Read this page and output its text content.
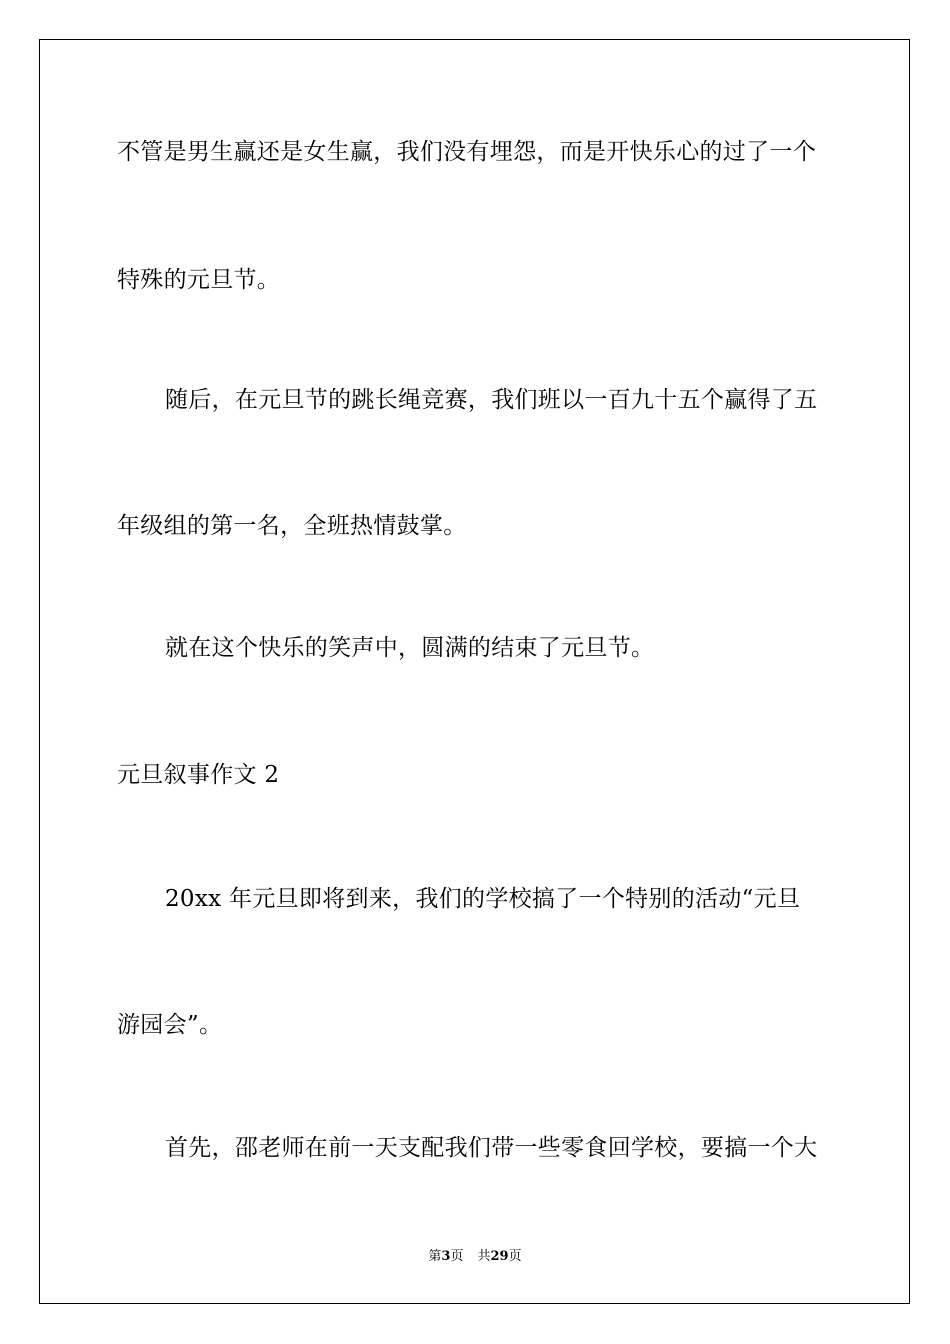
不管是男生赢还是女生赢，我们没有埋怨，而是开快乐心的过了一个
特殊的元旦节。
随后，在元旦节的跳长绳竞赛，我们班以一百九十五个赢得了五
年级组的第一名，全班热情鼓掌。
就在这个快乐的笑声中，圆满的结束了元旦节。
元旦叙事作文 2
20xx 年元旦即将到来，我们的学校搞了一个特别的活动“元旦
游园会”。
首先，邵老师在前一天支配我们带一些零食回学校，要搞一个大
第3页 共29页
